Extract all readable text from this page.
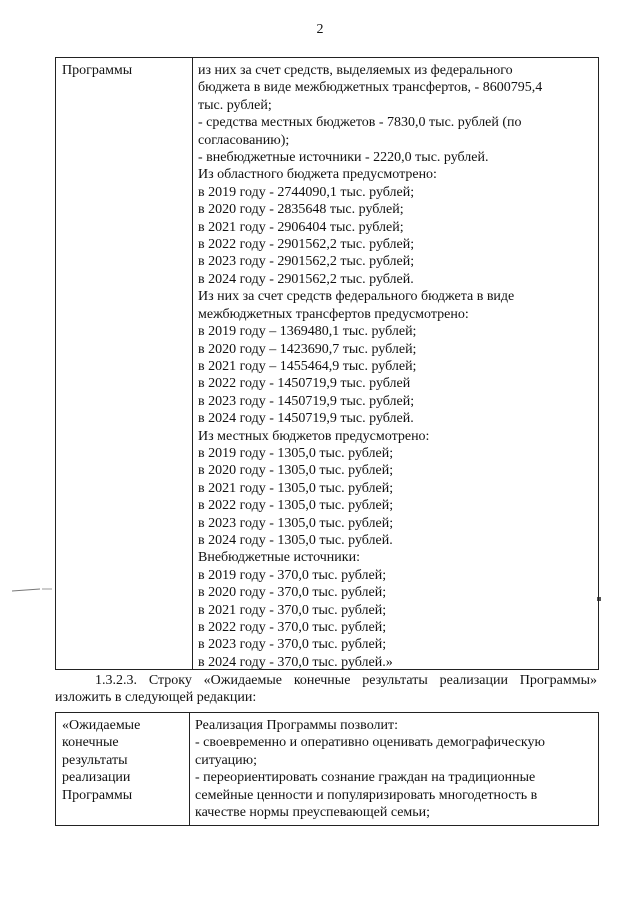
2
Программы	из них за счет средств, выделяемых из федерального
бюджета в виде межбюджетных трансфертов, - 8600795,4
тыс. рублей;
- средства местных бюджетов - 7830,0 тыс. рублей (по
согласованию);
- внебюджетные источники - 2220,0 тыс. рублей.
Из областного бюджета предусмотрено:
в 2019 году - 2744090,1 тыс. рублей;
в 2020 году - 2835648 тыс. рублей;
в 2021 году - 2906404 тыс. рублей;
в 2022 году - 2901562,2 тыс. рублей;
в 2023 году - 2901562,2 тыс. рублей;
в 2024 году - 2901562,2 тыс. рублей.
Из них за счет средств федерального бюджета в виде
межбюджетных трансфертов предусмотрено:
в 2019 году – 1369480,1 тыс. рублей;
в 2020 году – 1423690,7 тыс. рублей;
в 2021 году – 1455464,9 тыс. рублей;
в 2022 году - 1450719,9 тыс. рублей
в 2023 году - 1450719,9 тыс. рублей;
в 2024 году - 1450719,9 тыс. рублей.
Из местных бюджетов предусмотрено:
в 2019 году - 1305,0 тыс. рублей;
в 2020 году - 1305,0 тыс. рублей;
в 2021 году - 1305,0 тыс. рублей;
в 2022 году - 1305,0 тыс. рублей;
в 2023 году - 1305,0 тыс. рублей;
в 2024 году - 1305,0 тыс. рублей.
Внебюджетные источники:
в 2019 году - 370,0 тыс. рублей;
в 2020 году - 370,0 тыс. рублей;
в 2021 году - 370,0 тыс. рублей;
в 2022 году - 370,0 тыс. рублей;
в 2023 году - 370,0 тыс. рублей;
в 2024 году - 370,0 тыс. рублей.»
1.3.2.3. Строку «Ожидаемые конечные результаты реализации Программы»
изложить в следующей редакции:
«Ожидаемые
конечные
результаты
реализации
Программы
Реализация Программы позволит:
- своевременно и оперативно оценивать демографическую
ситуацию;
- переориентировать сознание граждан на традиционные
семейные ценности и популяризировать многодетность в
качестве нормы преуспевающей семьи;
